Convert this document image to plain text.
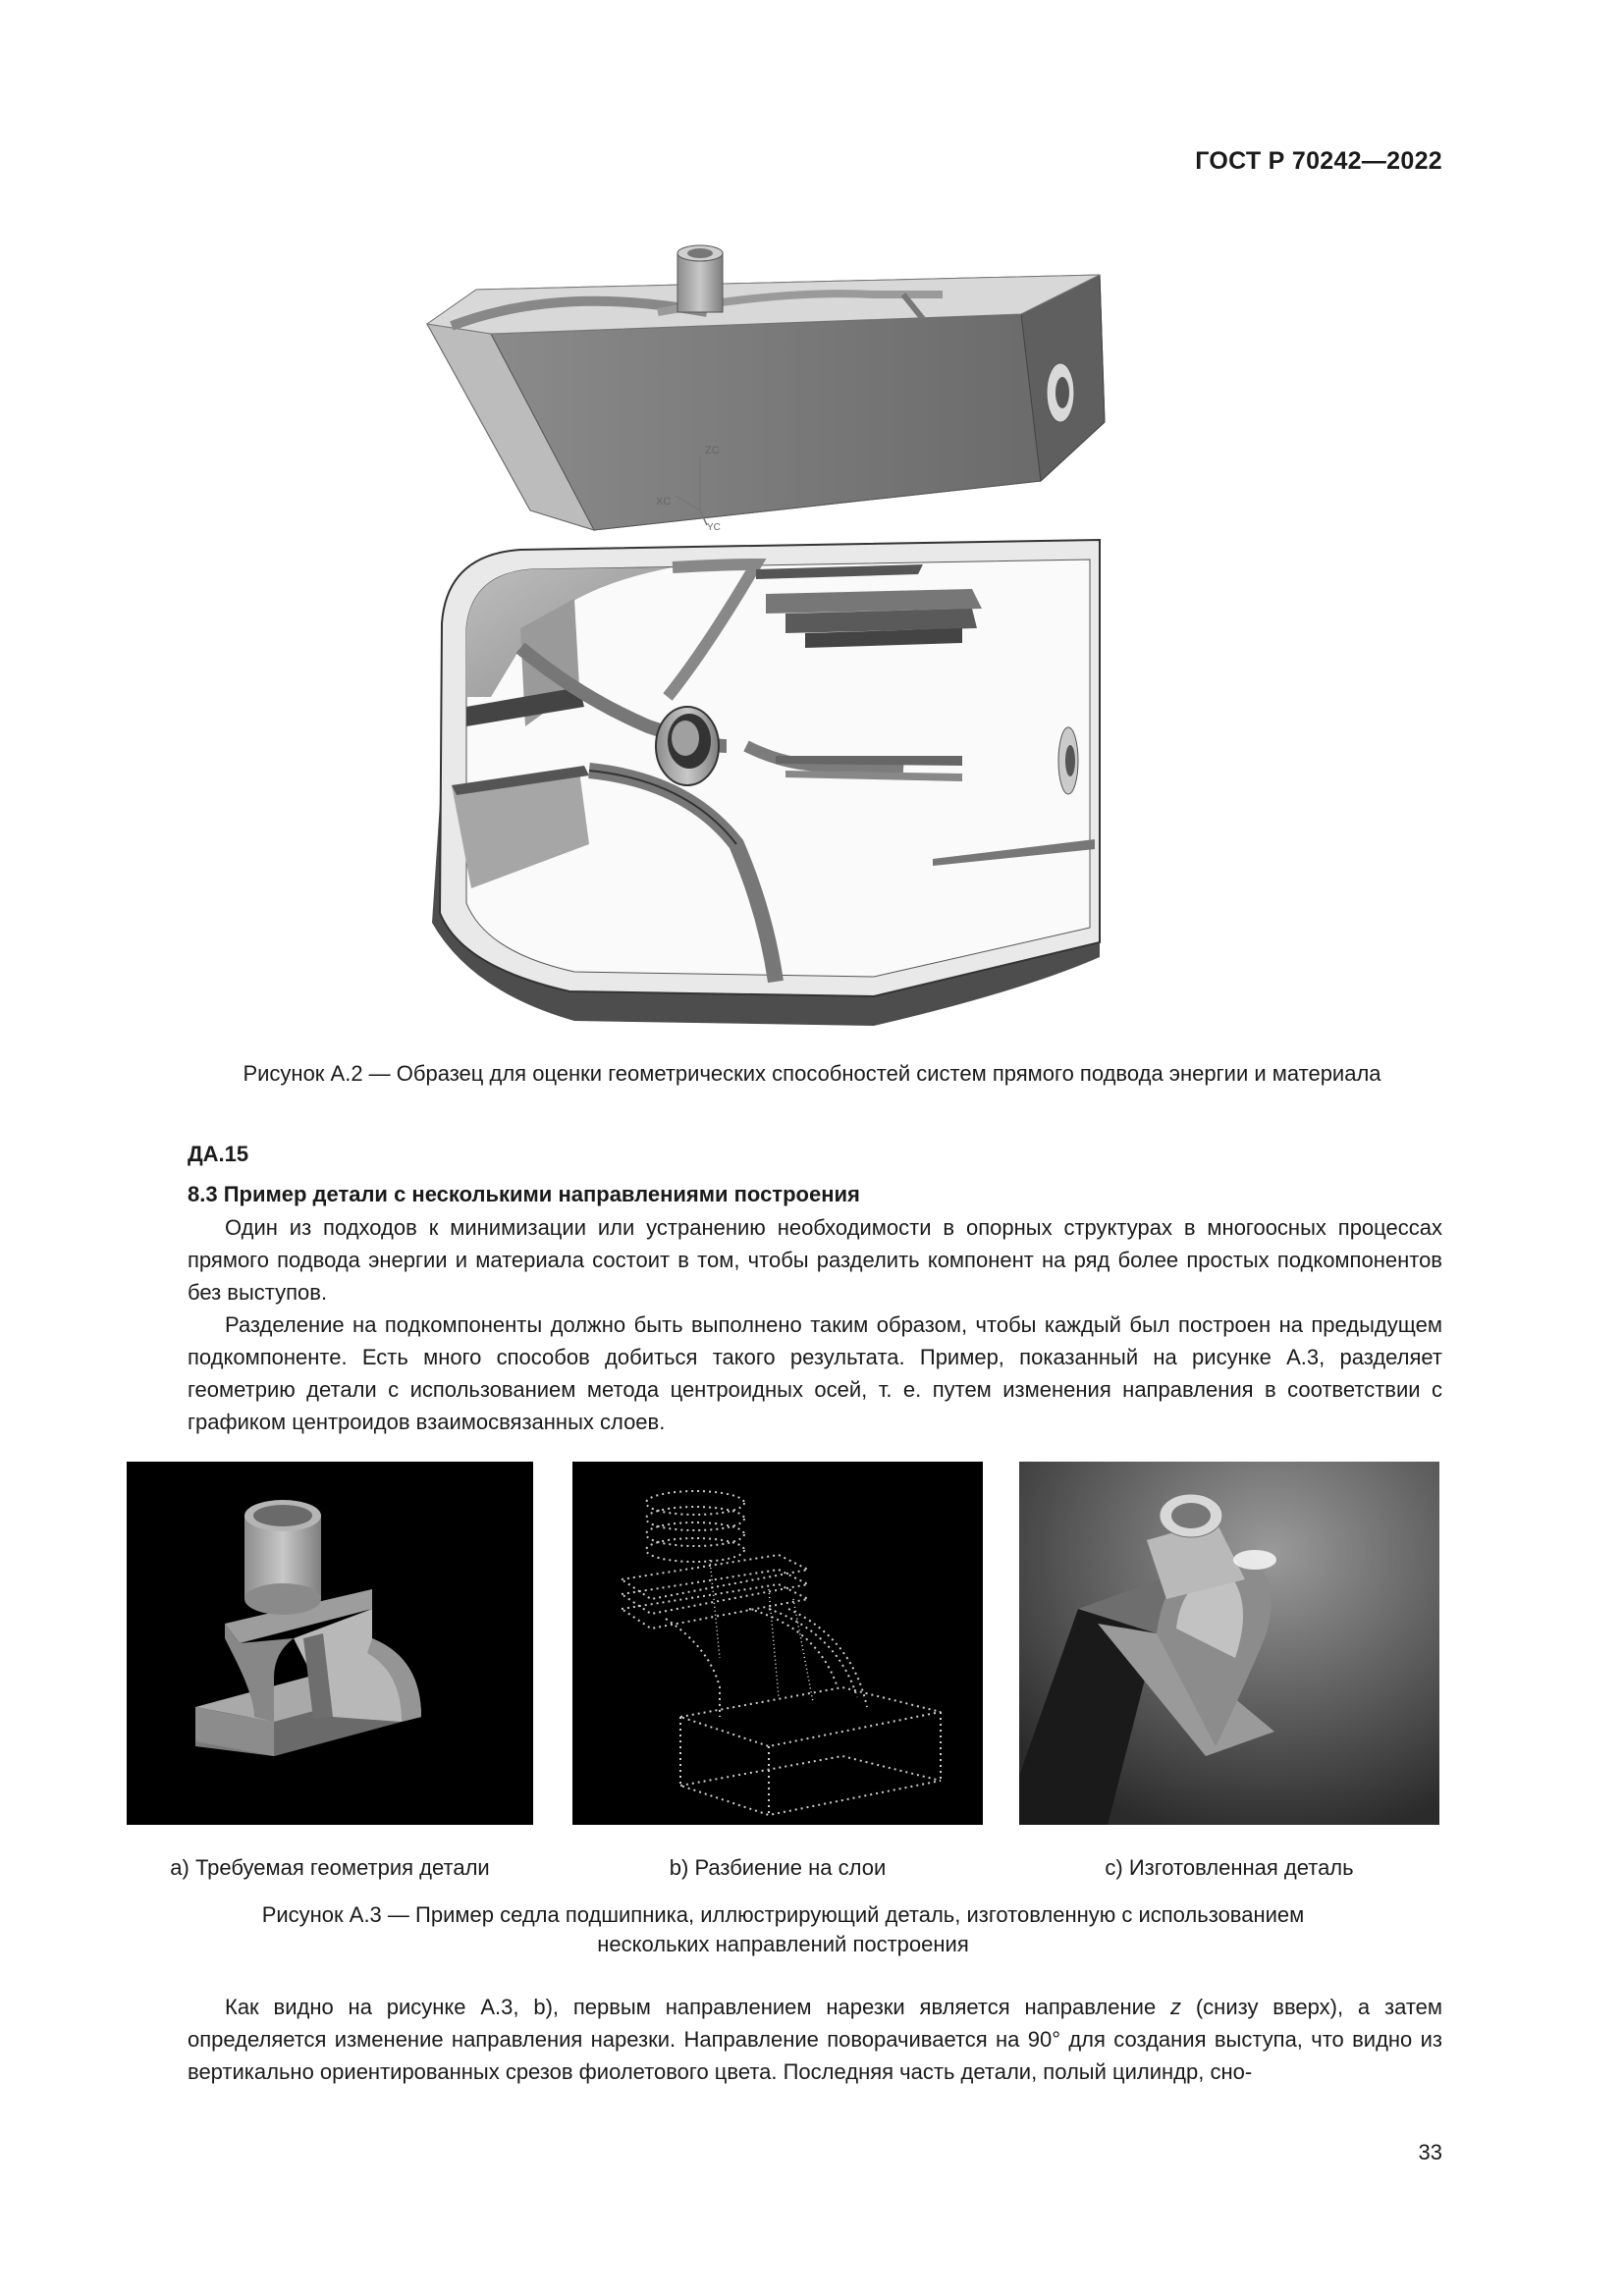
ГОСТ Р 70242—2022
ZC
XC
YC
Рисунок А.2 — Образец для оценки геометрических способностей систем прямого подвода энергии и материала
ДА.15
8.3 Пример детали с несколькими направлениями построения

Один из подходов к минимизации или устранению необходимости в опорных структурах в многоосных процессах прямого подвода энергии и материала состоит в том, чтобы разделить компонент на ряд более простых подкомпонентов без выступов.

Разделение на подкомпоненты должно быть выполнено таким образом, чтобы каждый был построен на предыдущем подкомпоненте. Есть много способов добиться такого результата. Пример, показанный на рисунке А.3, разделяет геометрию детали с использованием метода центроидных осей, т. е. путем изменения направления в соответствии с графиком центроидов взаимосвязанных слоев.

a) Требуемая геометрия детали	b) Разбиение на слои	c) Изготовленная деталь
Рисунок А.3 — Пример седла подшипника, иллюстрирующий деталь, изготовленную с использованием
нескольких направлений построения

Как видно на рисунке А.3, b), первым направлением нарезки является направление z (снизу вверх), а затем определяется изменение направления нарезки. Направление поворачивается на 90° для создания выступа, что видно из вертикально ориентированных срезов фиолетового цвета. Последняя часть детали, полый цилиндр, сно-

33
